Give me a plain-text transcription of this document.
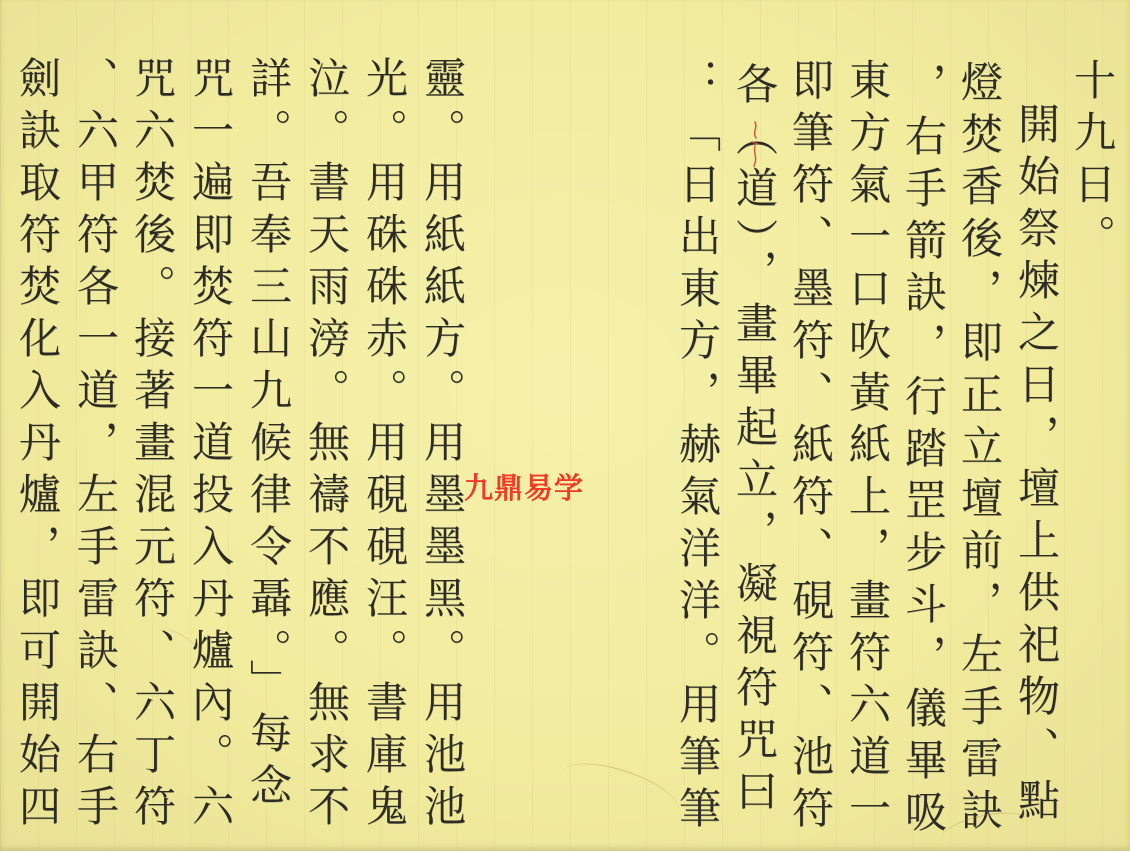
十九日。
開始祭煉之日，壇上供祀物、點
燈焚香後，即正立壇前，左手雷訣
，右手箭訣，行踏罡步斗，儀畢吸
東方氣一口吹黃紙上，畫符六道一
即筆符、墨符、紙符、硯符、池符
各（道），畫畢起立，凝視符咒曰
：「日出東方，赫氣洋洋。用筆筆
靈。用紙紙方。用墨墨黑。用池池
光。用硃硃赤。用硯硯汪。書庫鬼
泣。書天雨滂。無禱不應。無求不
詳。吾奉三山九候律令聶。」每念
咒一遍即焚符一道投入丹爐內。六
咒六焚後。接著畫混元符、六丁符
、六甲符各一道，左手雷訣、右手
劍訣取符焚化入丹爐，即可開始四	九鼎易学
